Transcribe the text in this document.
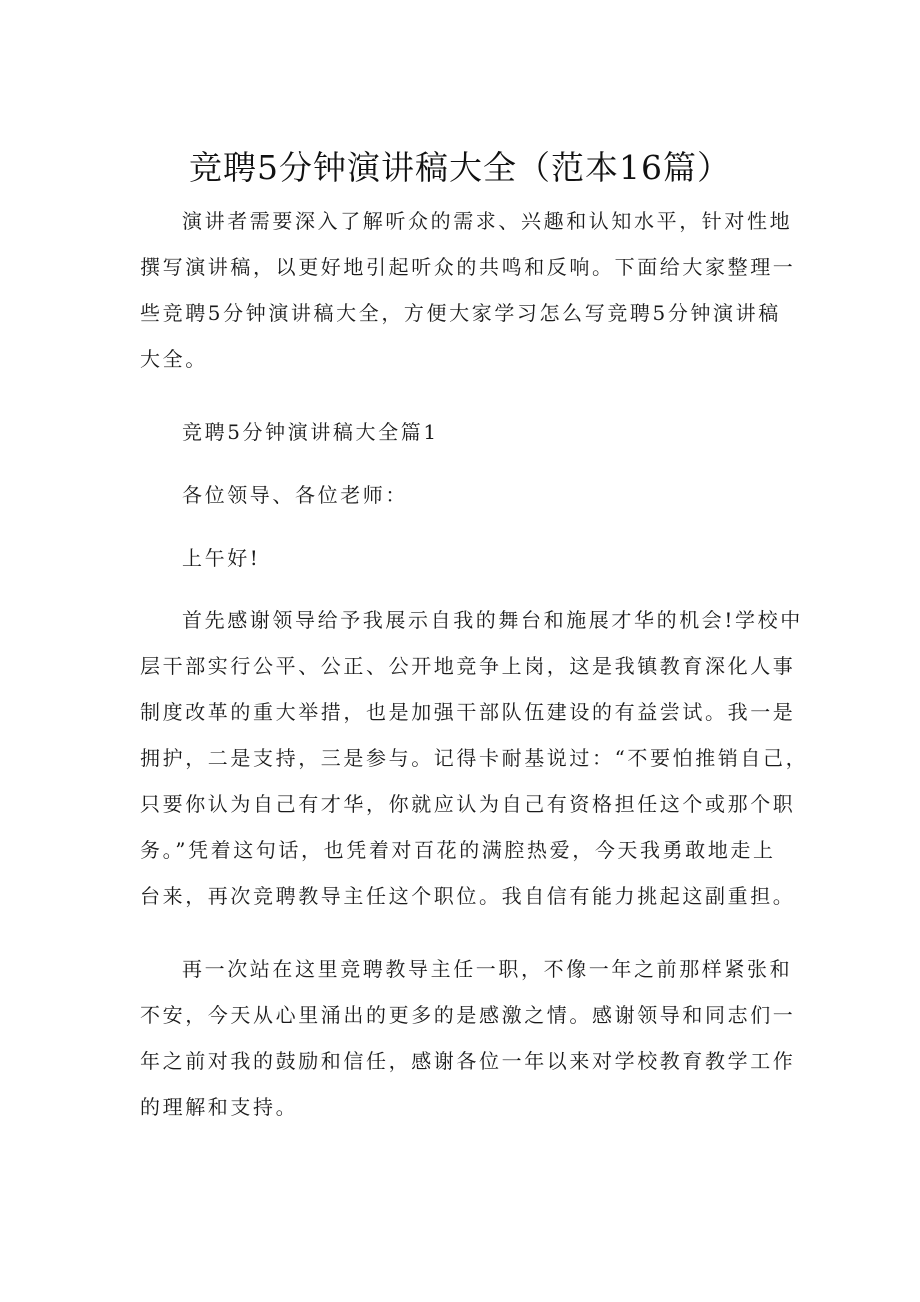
竞聘5分钟演讲稿大全（范本16篇）
演讲者需要深入了解听众的需求、兴趣和认知水平，针对性地
撰写演讲稿，以更好地引起听众的共鸣和反响。下面给大家整理一
些竞聘5分钟演讲稿大全，方便大家学习怎么写竞聘5分钟演讲稿
大全。
竞聘5分钟演讲稿大全篇1
各位领导、各位老师：
上午好!
首先感谢领导给予我展示自我的舞台和施展才华的机会!学校中
层干部实行公平、公正、公开地竞争上岗，这是我镇教育深化人事
制度改革的重大举措，也是加强干部队伍建设的有益尝试。我一是
拥护，二是支持，三是参与。记得卡耐基说过：“不要怕推销自己，
只要你认为自己有才华，你就应认为自己有资格担任这个或那个职
务。”凭着这句话，也凭着对百花的满腔热爱，今天我勇敢地走上
台来，再次竞聘教导主任这个职位。我自信有能力挑起这副重担。
再一次站在这里竞聘教导主任一职，不像一年之前那样紧张和
不安，今天从心里涌出的更多的是感激之情。感谢领导和同志们一
年之前对我的鼓励和信任，感谢各位一年以来对学校教育教学工作
的理解和支持。
